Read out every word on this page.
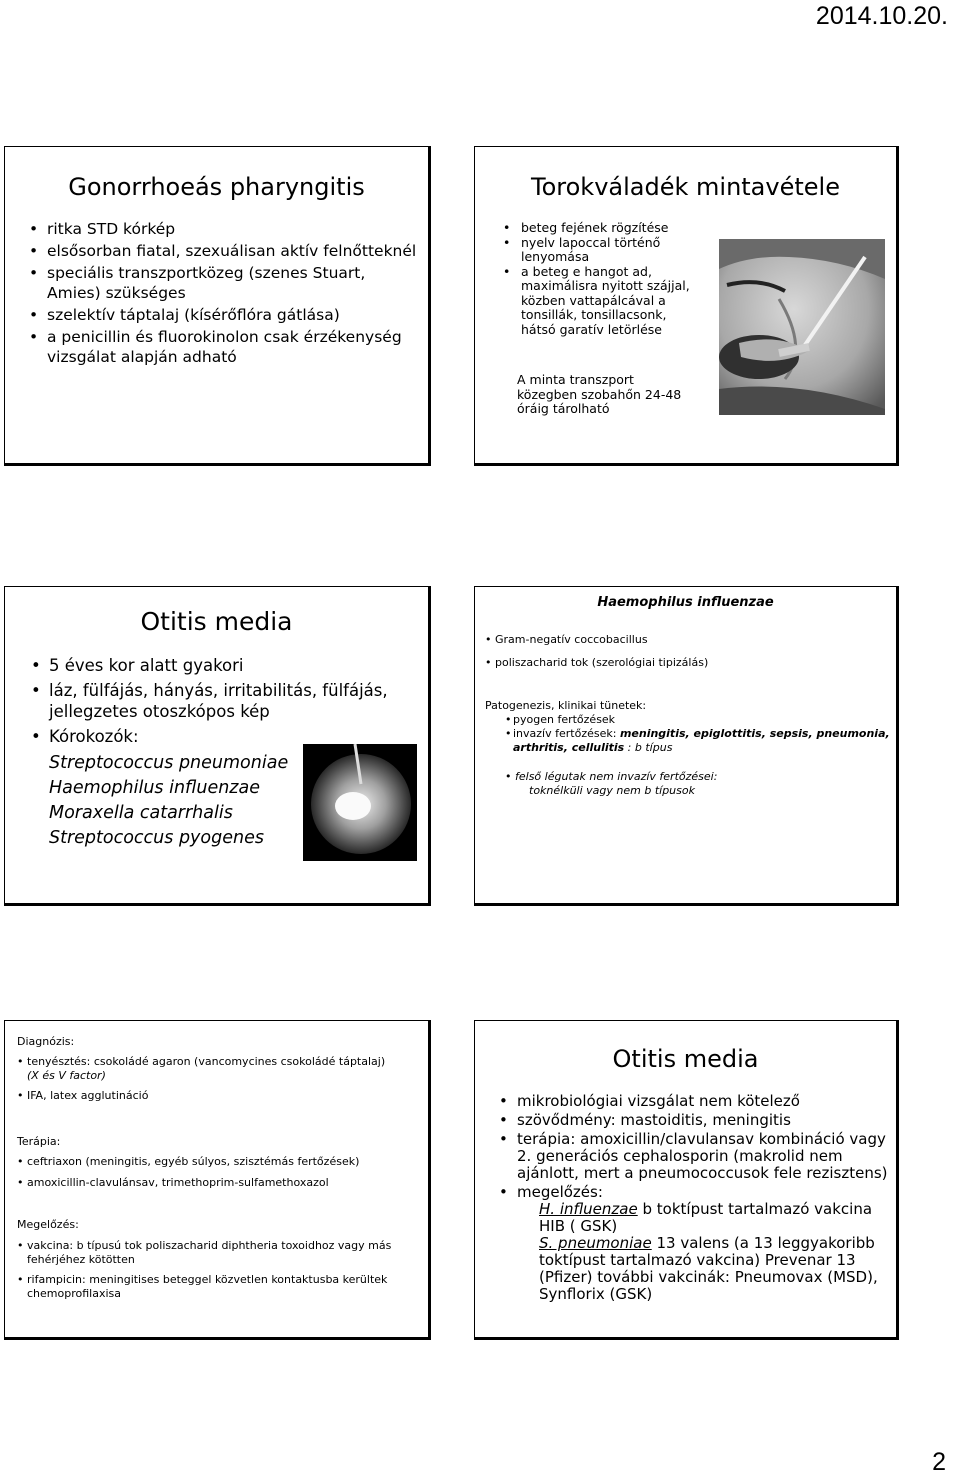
2014.10.20.
Gonorrhoeás pharyngitis
• ritka STD kórkép
• elsősorban fiatal, szexuálisan aktív felnőtteknél
• speciális transzportközeg (szenes Stuart, Amies) szükséges
• szelektív táptalaj (kísérőflóra gátlása)
• a penicillin és fluorokinolon csak érzékenység vizsgálat alapján adható
Torokváladék mintavétele
• beteg fejének rögzítése
• nyelv lapoccal történő lenyomása
• a beteg e hangot ad, maximálisra nyitott szájjal, közben vattapálcával a tonsillák, tonsillacsonk, hátsó garatív letörlése
A minta transzport közegben szobahőn 24-48 óráig tárolható
Otitis media
• 5 éves kor alatt gyakori
• láz, fülfájás, hányás, irritabilitás, fülfájás, jellegzetes otoszkópos kép
• Kórokozók:
Streptococcus pneumoniae
Haemophilus influenzae
Moraxella catarrhalis
Streptococcus pyogenes
Haemophilus influenzae
• Gram-negatív coccobacillus
• poliszacharid tok (szerológiai tipizálás)
Patogenezis, klinikai tünetek:
• pyogen fertőzések
• invazív fertőzések: meningitis, epiglottitis, sepsis, pneumonia, arthritis, cellulitis : b típus
• felső légutak nem invazív fertőzései:
toknélküli vagy nem b típusok
Diagnózis:
• tenyésztés: csokoládé agaron (vancomycines csokoládé táptalaj)
(X és V factor)
• IFA, latex agglutináció
Terápia:
• ceftriaxon (meningitis, egyéb súlyos, szisztémás fertőzések)
• amoxicillin-clavulánsav, trimethoprim-sulfamethoxazol
Megelőzés:
• vakcina: b típusú tok poliszacharid diphtheria toxoidhoz vagy más fehérjéhez kötötten
• rifampicin: meningitises beteggel közvetlen kontaktusba kerültek chemoprofilaxisa
Otitis media
• mikrobiológiai vizsgálat nem kötelező
• szövődmény: mastoiditis, meningitis
• terápia: amoxicillin/clavulansav kombináció vagy 2. generációs cephalosporin (makrolid nem ajánlott, mert a pneumococcusok fele rezisztens)
• megelőzés:
H. influenzae b toktípust tartalmazó vakcina HIB ( GSK)
S. pneumoniae 13 valens (a 13 leggyakoribb toktípust tartalmazó vakcina) Prevenar 13 (Pfizer) további vakcinák: Pneumovax (MSD), Synflorix (GSK)
2
